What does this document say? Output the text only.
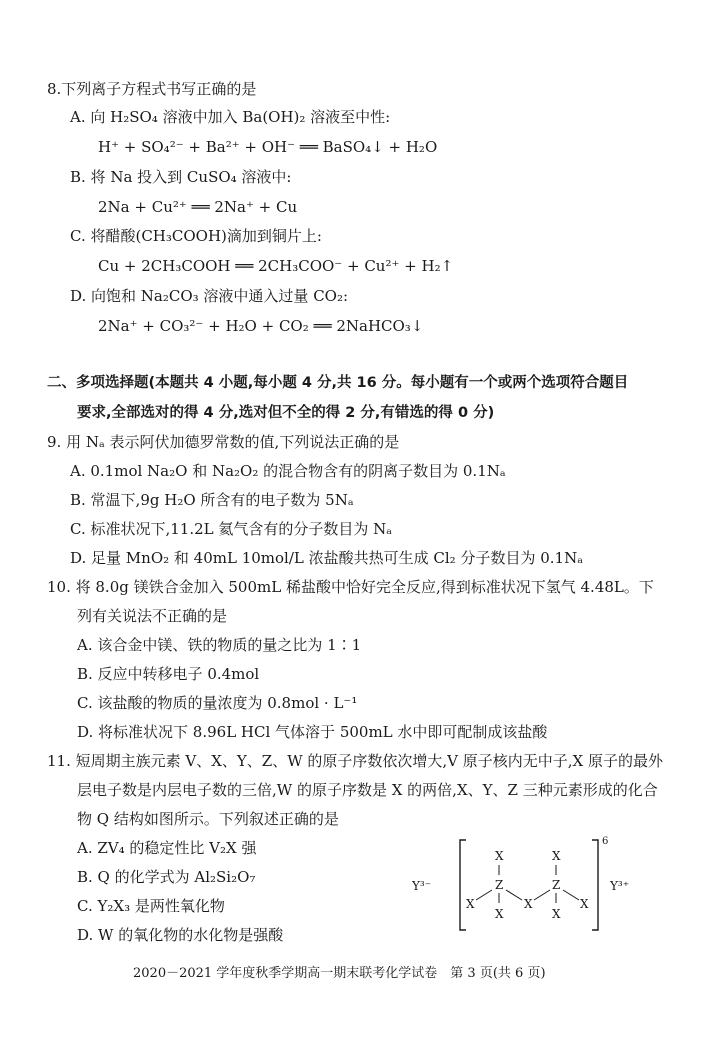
8.下列离子方程式书写正确的是
A. 向 H₂SO₄ 溶液中加入 Ba(OH)₂ 溶液至中性:
H⁺ + SO₄²⁻ + Ba²⁺ + OH⁻ ══ BaSO₄↓ + H₂O
B. 将 Na 投入到 CuSO₄ 溶液中:
2Na + Cu²⁺ ══ 2Na⁺ + Cu
C. 将醋酸(CH₃COOH)滴加到铜片上:
Cu + 2CH₃COOH ══ 2CH₃COO⁻ + Cu²⁺ + H₂↑
D. 向饱和 Na₂CO₃ 溶液中通入过量 CO₂:
2Na⁺ + CO₃²⁻ + H₂O + CO₂ ══ 2NaHCO₃↓
二、多项选择题(本题共 4 小题,每小题 4 分,共 16 分。每小题有一个或两个选项符合题目
要求,全部选对的得 4 分,选对但不全的得 2 分,有错选的得 0 分)
9. 用 Nₐ 表示阿伏加德罗常数的值,下列说法正确的是
A. 0.1mol Na₂O 和 Na₂O₂ 的混合物含有的阴离子数目为 0.1Nₐ
B. 常温下,9g H₂O 所含有的电子数为 5Nₐ
C. 标准状况下,11.2L 氦气含有的分子数目为 Nₐ
D. 足量 MnO₂ 和 40mL 10mol/L 浓盐酸共热可生成 Cl₂ 分子数目为 0.1Nₐ
10. 将 8.0g 镁铁合金加入 500mL 稀盐酸中恰好完全反应,得到标准状况下氢气 4.48L。下
列有关说法不正确的是
A. 该合金中镁、铁的物质的量之比为 1∶1
B. 反应中转移电子 0.4mol
C. 该盐酸的物质的量浓度为 0.8mol · L⁻¹
D. 将标准状况下 8.96L HCl 气体溶于 500mL 水中即可配制成该盐酸
11. 短周期主族元素 V、X、Y、Z、W 的原子序数依次增大,V 原子核内无中子,X 原子的最外
层电子数是内层电子数的三倍,W 的原子序数是 X 的两倍,X、Y、Z 三种元素形成的化合
物 Q 结构如图所示。下列叙述正确的是
A. ZV₄ 的稳定性比 V₂X 强
B. Q 的化学式为 Al₂Si₂O₇
C. Y₂X₃ 是两性氧化物
D. W 的氧化物的水化物是强酸
Y³⁻
6
Y³⁺
X
Z
X
X	X
X
Z
X
X
2020－2021 学年度秋季学期高一期末联考化学试卷　第 3 页(共 6 页)
